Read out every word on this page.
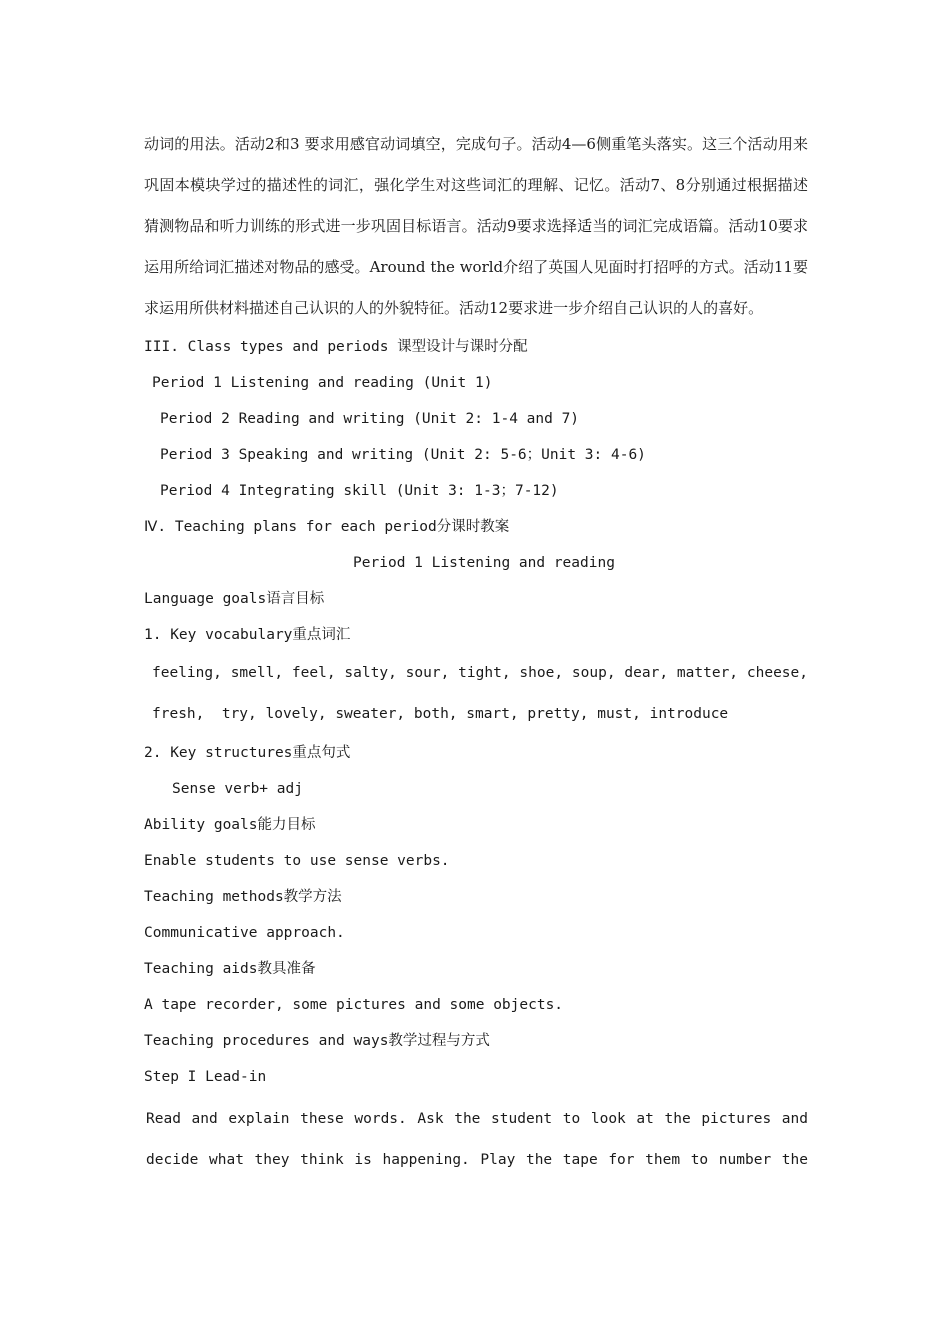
动词的用法。活动2和3 要求用感官动词填空，完成句子。活动4—6侧重笔头落实。这三个活动用来巩固本模块学过的描述性的词汇，强化学生对这些词汇的理解、记忆。活动7、8分别通过根据描述猜测物品和听力训练的形式进一步巩固目标语言。活动9要求选择适当的词汇完成语篇。活动10要求运用所给词汇描述对物品的感受。Around the world介绍了英国人见面时打招呼的方式。活动11要求运用所供材料描述自己认识的人的外貌特征。活动12要求进一步介绍自己认识的人的喜好。

III. Class types and periods 课型设计与课时分配

Period 1 Listening and reading (Unit 1)

Period 2 Reading and writing (Unit 2: 1-4 and 7)

Period 3 Speaking and writing (Unit 2: 5-6；Unit 3: 4-6)

Period 4 Integrating skill (Unit 3: 1-3；7-12)

Ⅳ. Teaching plans for each period分课时教案

Period 1 Listening and reading

Language goals语言目标

1. Key vocabulary重点词汇

feeling, smell, feel, salty, sour, tight, shoe, soup, dear, matter, cheese,

fresh,  try, lovely, sweater, both, smart, pretty, must, introduce

2. Key structures重点句式

Sense verb+ adj

Ability goals能力目标

Enable students to use sense verbs.

Teaching methods教学方法

Communicative approach.

Teaching aids教具准备

A tape recorder, some pictures and some objects.

Teaching procedures and ways教学过程与方式

Step I Lead-in

Read and explain these words. Ask the student to look at the pictures and decide what they think is happening. Play the tape for them to number the
